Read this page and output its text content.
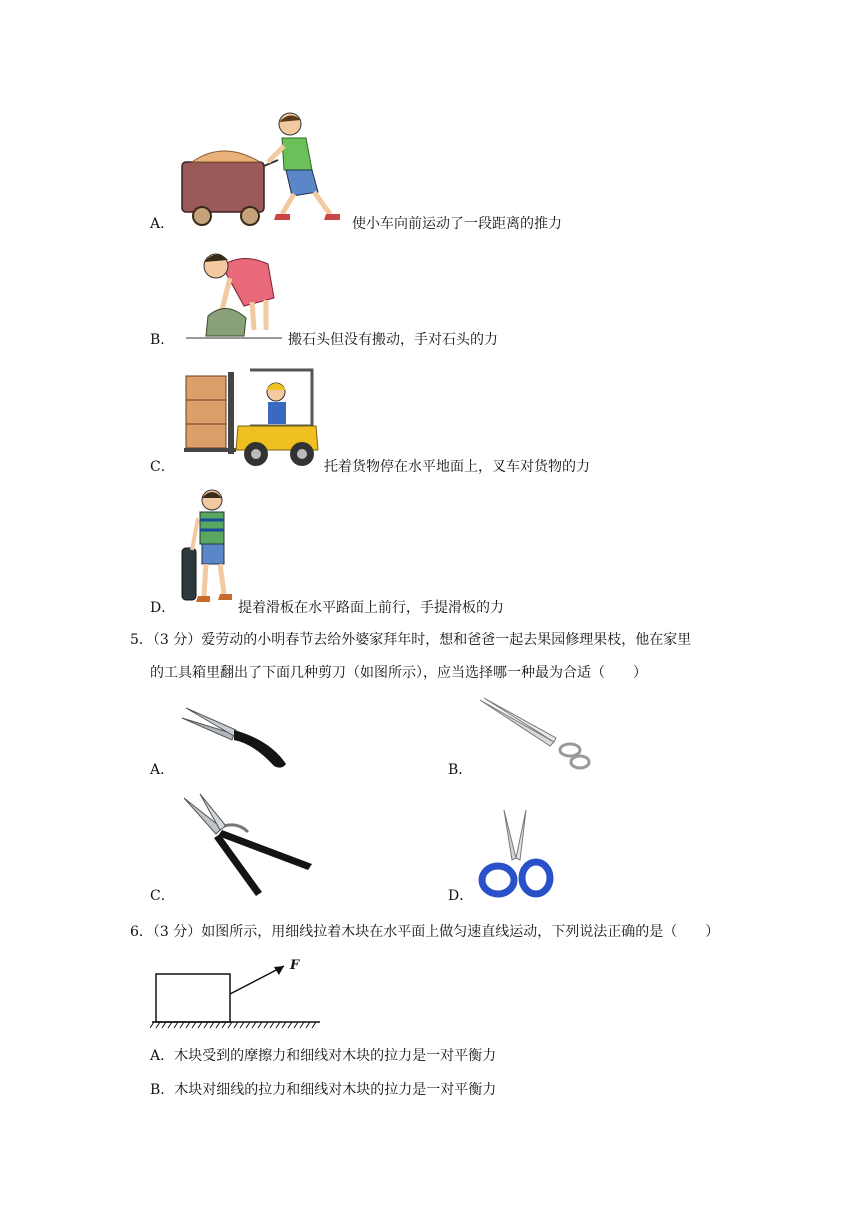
A．	使小车向前运动了一段距离的推力
B．	搬石头但没有搬动，手对石头的力
C．	托着货物停在水平地面上，叉车对货物的力
D．	提着滑板在水平路面上前行，手提滑板的力
5．（3 分）爱劳动的小明春节去给外婆家拜年时，想和爸爸一起去果园修理果枝，他在家里
的工具箱里翻出了下面几种剪刀（如图所示），应当选择哪一种最为合适（　　）
A．	B．
C．	D．
6．（3 分）如图所示，用细线拉着木块在水平面上做匀速直线运动，下列说法正确的是（　　）
F
A．木块受到的摩擦力和细线对木块的拉力是一对平衡力
B．木块对细线的拉力和细线对木块的拉力是一对平衡力
